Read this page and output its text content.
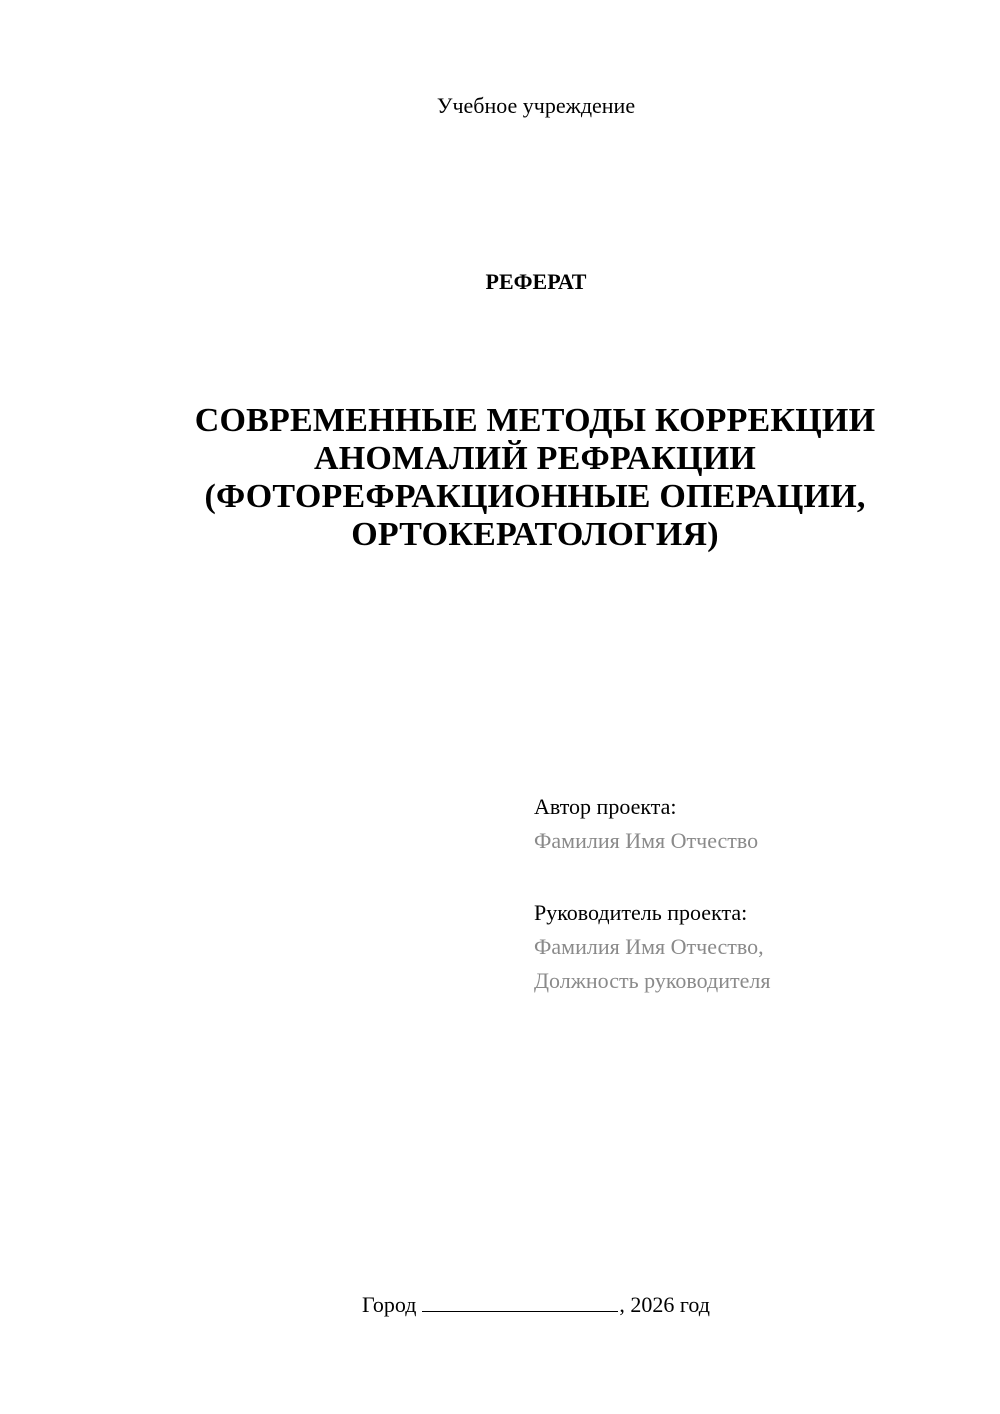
Учебное учреждение
РЕФЕРАТ
СОВРЕМЕННЫЕ МЕТОДЫ КОРРЕКЦИИ
АНОМАЛИЙ РЕФРАКЦИИ
(ФОТОРЕФРАКЦИОННЫЕ ОПЕРАЦИИ,
ОРТОКЕРАТОЛОГИЯ)
Автор проекта:
Фамилия Имя Отчество
Руководитель проекта:
Фамилия Имя Отчество,
Должность руководителя
Город	, 2026 год
